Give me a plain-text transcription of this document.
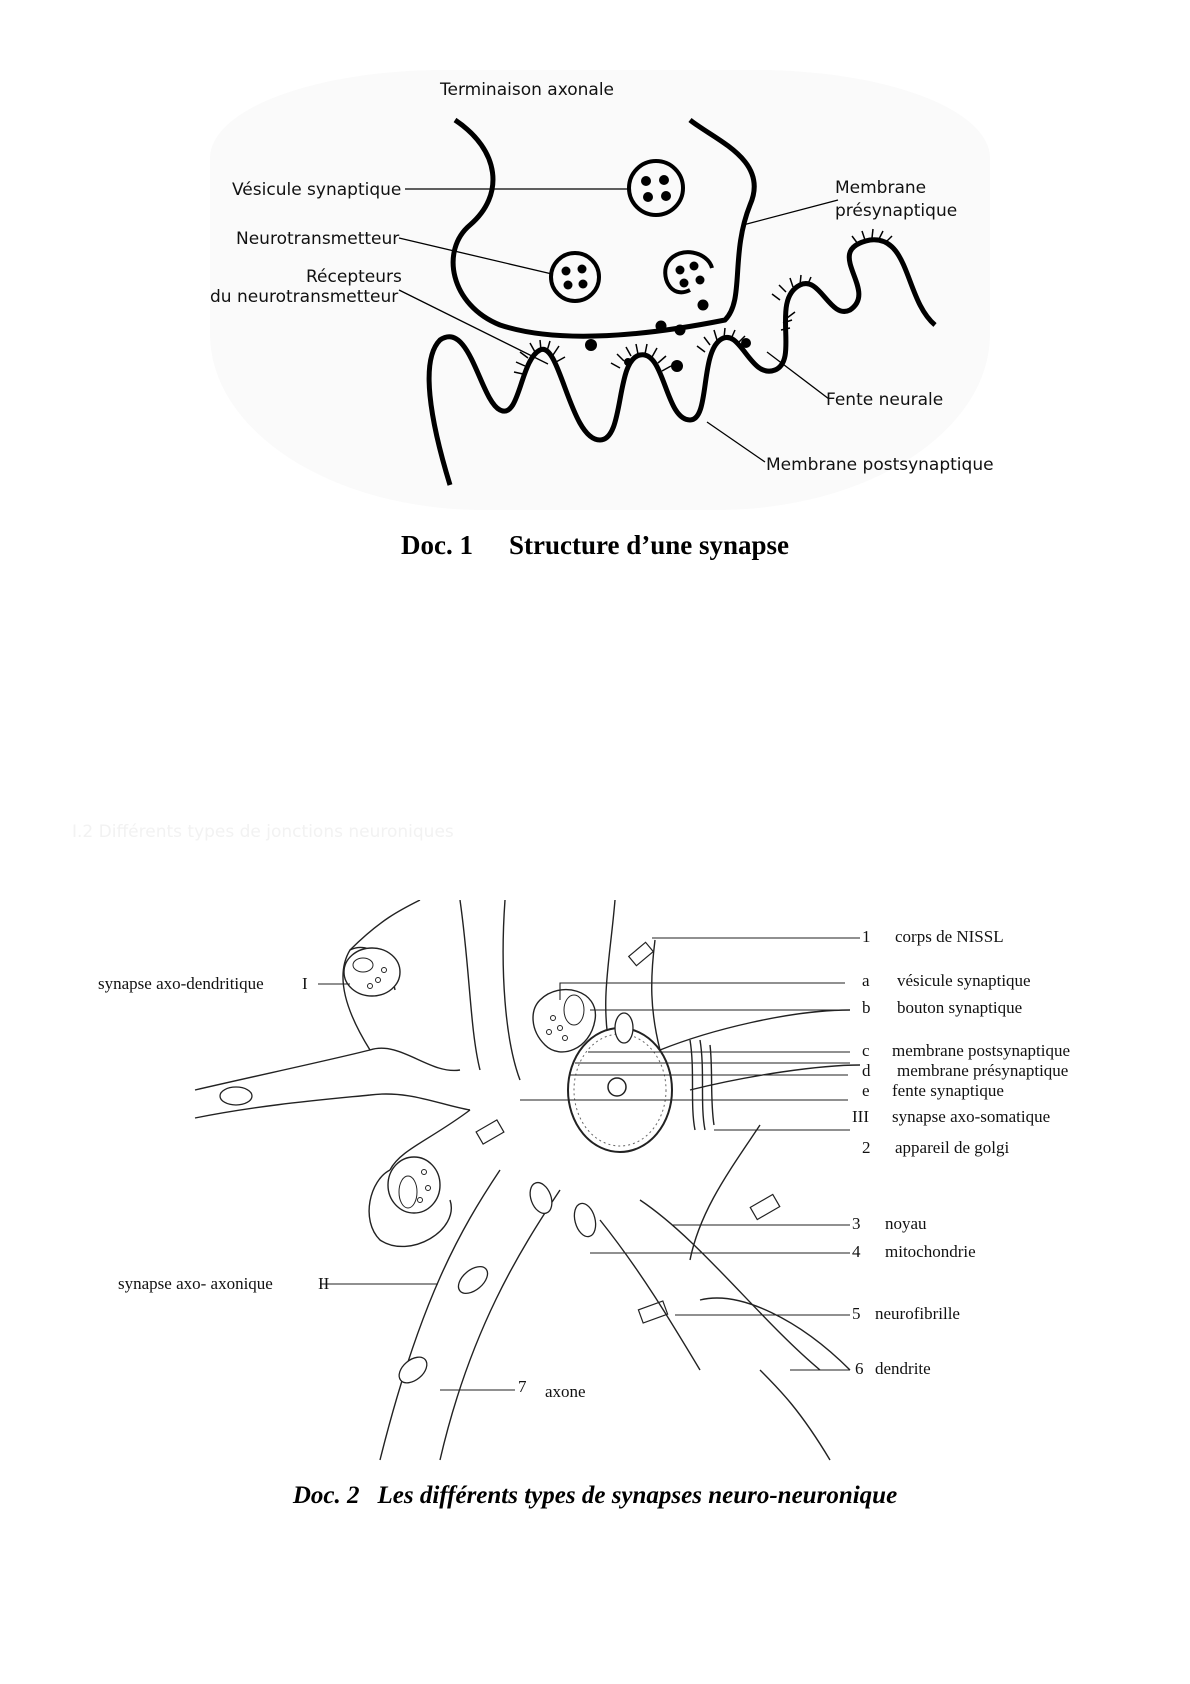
Terminaison axonale
Vésicule synaptique
Neurotransmetteur
Récepteurs
du neurotransmetteur
Membrane
présynaptique
Fente neurale
Membrane postsynaptique
Doc. 1 Structure d’une synapse
I.2 Différents types de jonctions neuroniques
synapse axo-dendritique I
synapse axo- axonique	II
1
a
b
c
d
e
III
2
3
4
5
6
7
corps de NISSL
vésicule synaptique
bouton synaptique
membrane postsynaptique
membrane présynaptique
fente synaptique
synapse axo-somatique
appareil de golgi
noyau
mitochondrie
neurofibrille
dendrite
axone
Doc. 2 Les différents types de synapses neuro-neuronique
